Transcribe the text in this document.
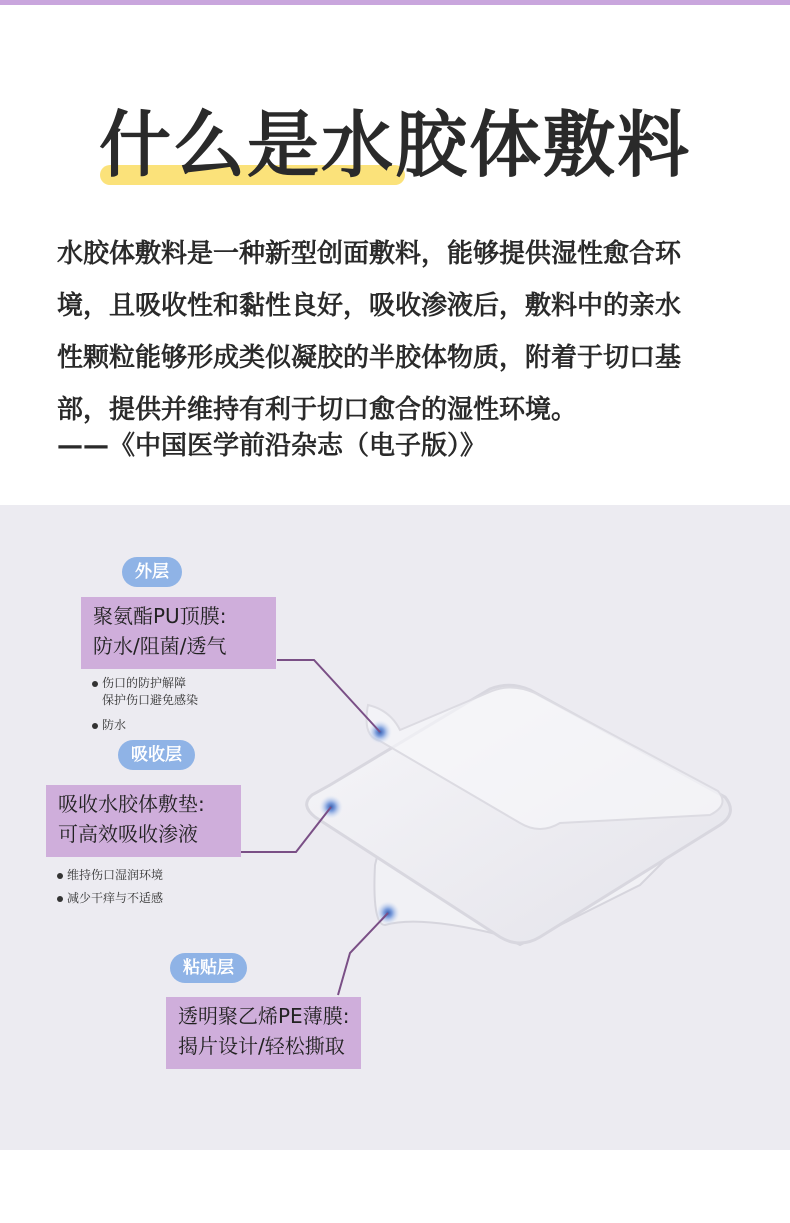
什么是水胶体敷料

水胶体敷料是一种新型创面敷料，能够提供湿性愈合环

境，且吸收性和黏性良好，吸收渗液后，敷料中的亲水

性颗粒能够形成类似凝胶的半胶体物质，附着于切口基

部，提供并维持有利于切口愈合的湿性环境。

——《中国医学前沿杂志（电子版）》
外层
聚氨酯PU顶膜:
防水/阻菌/透气
伤口的防护解障
保护伤口避免感染
防水
吸收层
吸收水胶体敷垫:
可高效吸收渗液
维持伤口湿润环境
减少干痒与不适感
粘贴层
透明聚乙烯PE薄膜:
揭片设计/轻松撕取
